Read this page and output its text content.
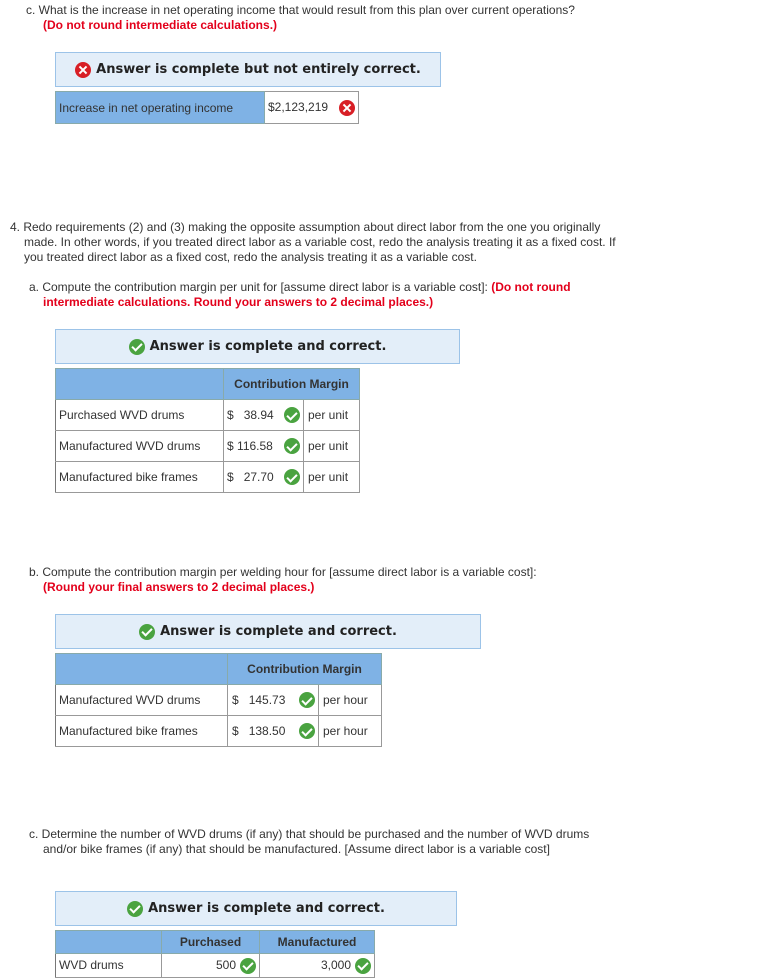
c. What is the increase in net operating income that would result from this plan over current operations?
(Do not round intermediate calculations.)
Answer is complete but not entirely correct.
Increase in net operating income	$2,123,219
4. Redo requirements (2) and (3) making the opposite assumption about direct labor from the one you originally made. In other words, if you treated direct labor as a variable cost, redo the analysis treating it as a fixed cost. If you treated direct labor as a fixed cost, redo the analysis treating it as a variable cost.
a. Compute the contribution margin per unit for [assume direct labor is a variable cost]: (Do not round
intermediate calculations. Round your answers to 2 decimal places.)
Answer is complete and correct.
	Contribution Margin	
Purchased WVD drums	$ 38.94	per unit
Manufactured WVD drums	$ 116.58	per unit
Manufactured bike frames	$ 27.70	per unit
b. Compute the contribution margin per welding hour for [assume direct labor is a variable cost]:
(Round your final answers to 2 decimal places.)
Answer is complete and correct.
	Contribution Margin	
Manufactured WVD drums	$ 145.73	per hour
Manufactured bike frames	$ 138.50	per hour
c. Determine the number of WVD drums (if any) that should be purchased and the number of WVD drums and/or bike frames (if any) that should be manufactured. [Assume direct labor is a variable cost]
Answer is complete and correct.
	Purchased	Manufactured
WVD drums	500	3,000
